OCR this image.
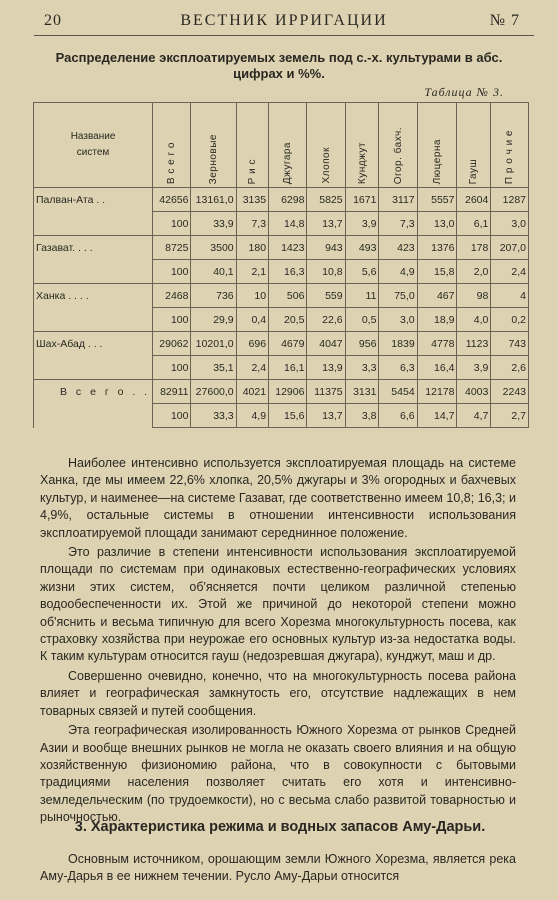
20	ВЕСТНИК ИРРИГАЦИИ	№ 7
Распределение эксплоатируемых земель под с.-х. культурами в абс. цифрах и %%.
Таблица № 3.
Название
систем	В с е г о	Зерновые	Р и с	Джугара	Хлопок	Кунджут	Огор. бахч.	Люцерна	Гауш	П р о ч и е
Палван-Ата . .	42656	13161,0	3135	6298	5825	1671	3117	5557	2604	1287
	100	33,9	7,3	14,8	13,7	3,9	7,3	13,0	6,1	3,0
Газават. . . .	8725	3500	180	1423	943	493	423	1376	178	207,0
	100	40,1	2,1	16,3	10,8	5,6	4,9	15,8	2,0	2,4
Ханка . . . .	2468	736	10	506	559	11	75,0	467	98	4
	100	29,9	0,4	20,5	22,6	0,5	3,0	18,9	4,0	0,2
Шах-Абад . . .	29062	10201,0	696	4679	4047	956	1839	4778	1123	743
	100	35,1	2,4	16,1	13,9	3,3	6,3	16,4	3,9	2,6
В с е г о . .	82911	27600,0	4021	12906	11375	3131	5454	12178	4003	2243
	100	33,3	4,9	15,6	13,7	3,8	6,6	14,7	4,7	2,7

Наиболее интенсивно используется эксплоатируемая площадь на системе Ханка, где мы имеем 22,6% хлопка, 20,5% джугары и 3% огородных и бахчевых культур, и наименее—на системе Газават, где соответственно имеем 10,8; 16,3; и 4,9%, остальные системы в отношении интенсивности использования эксплоатируемой площади занимают середнинное положение.

Это различие в степени интенсивности использования эксплоатируемой площади по системам при одинаковых естественно-географических условиях жизни этих систем, об'ясняется почти целиком различной степенью водообеспеченности их. Этой же причиной до некоторой степени можно об'яснить и весьма типичную для всего Хорезма многокультурность посева, как страховку хозяйства при неурожае его основных культур из-за недостатка воды. К таким культурам относится гауш (недозревшая джугара), кунджут, маш и др.

Совершенно очевидно, конечно, что на многокультурность посева района влияет и географическая замкнутость его, отсутствие надлежащих в нем товарных связей и путей сообщения.

Эта географическая изолированность Южного Хорезма от рынков Средней Азии и вообще внешних рынков не могла не оказать своего влияния и на общую хозяйственную физиономию района, что в совокупности с бытовыми традициями населения позволяет считать его хотя и интенсивно-земледельческим (по трудоемкости), но с весьма слабо развитой товарностью и рыночностью.

3. Характеристика режима и водных запасов Аму-Дарьи.

Основным источником, орошающим земли Южного Хорезма, является река Аму-Дарья в ее нижнем течении. Русло Аму-Дарьи относится
